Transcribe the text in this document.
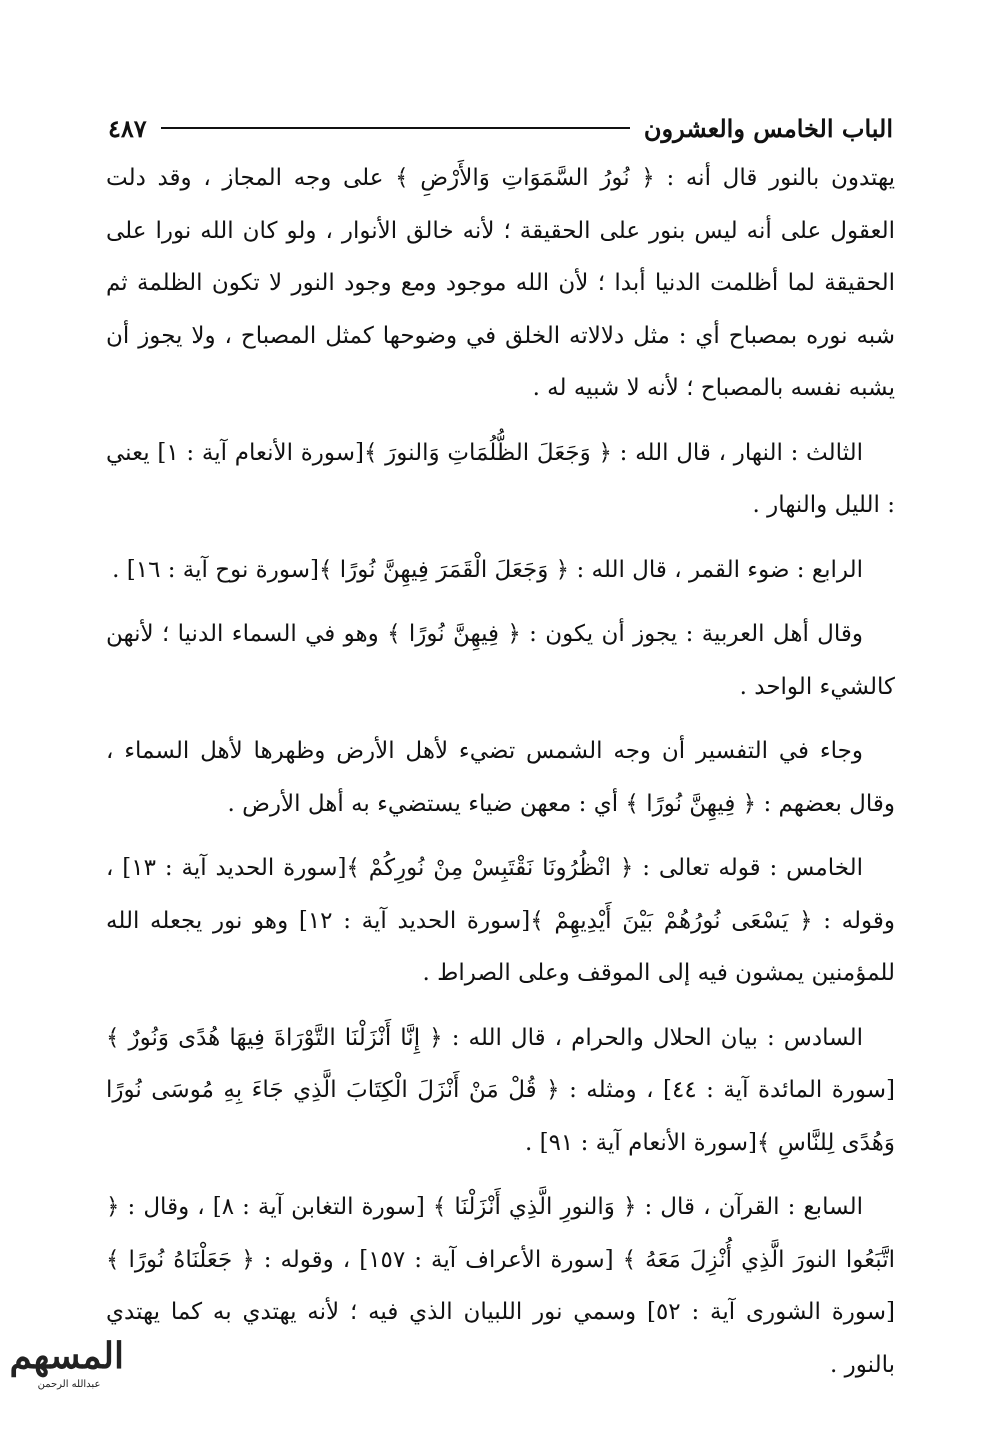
الباب الخامس والعشرون
٤٨٧

يهتدون بالنور قال أنه : ﴿ نُورُ السَّمَوَاتِ وَالأَرْضِ ﴾ على وجه المجاز ، وقد دلت العقول على أنه ليس بنور على الحقيقة ؛ لأنه خالق الأنوار ، ولو كان الله نورا على الحقيقة لما أظلمت الدنيا أبدا ؛ لأن الله موجود ومع وجود النور لا تكون الظلمة ثم شبه نوره بمصباح أي : مثل دلالاته الخلق في وضوحها كمثل المصباح ، ولا يجوز أن يشبه نفسه بالمصباح ؛ لأنه لا شبيه له .

الثالث : النهار ، قال الله : ﴿ وَجَعَلَ الظُّلُمَاتِ وَالنورَ ﴾[سورة الأنعام آية : ١] يعني : الليل والنهار .

الرابع : ضوء القمر ، قال الله : ﴿ وَجَعَلَ الْقَمَرَ فِيهِنَّ نُورًا ﴾[سورة نوح آية : ١٦] .

وقال أهل العربية : يجوز أن يكون : ﴿ فِيهِنَّ نُورًا ﴾ وهو في السماء الدنيا ؛ لأنهن كالشيء الواحد .

وجاء في التفسير أن وجه الشمس تضيء لأهل الأرض وظهرها لأهل السماء ، وقال بعضهم : ﴿ فِيهِنَّ نُورًا ﴾ أي : معهن ضياء يستضيء به أهل الأرض .

الخامس : قوله تعالى : ﴿ انْظُرُونَا نَقْتَبِسْ مِنْ نُورِكُمْ ﴾[سورة الحديد آية : ١٣] ، وقوله : ﴿ يَسْعَى نُورُهُمْ بَيْنَ أَيْدِيهِمْ ﴾[سورة الحديد آية : ١٢] وهو نور يجعله الله للمؤمنين يمشون فيه إلى الموقف وعلى الصراط .

السادس : بيان الحلال والحرام ، قال الله : ﴿ إِنَّا أَنْزَلْنَا التَّوْرَاةَ فِيهَا هُدًى وَنُورٌ ﴾[سورة المائدة آية : ٤٤] ، ومثله : ﴿ قُلْ مَنْ أَنْزَلَ الْكِتَابَ الَّذِي جَاءَ بِهِ مُوسَى نُورًا وَهُدًى لِلنَّاسِ ﴾[سورة الأنعام آية : ٩١] .

السابع : القرآن ، قال : ﴿ وَالنورِ الَّذِي أَنْزَلْنَا ﴾ [سورة التغابن آية : ٨] ، وقال : ﴿ اتَّبَعُوا النورَ الَّذِي أُنْزِلَ مَعَهُ ﴾ [سورة الأعراف آية : ١٥٧] ، وقوله : ﴿ جَعَلْنَاهُ نُورًا ﴾[سورة الشورى آية : ٥٢] وسمي نور اللبيان الذي فيه ؛ لأنه يهتدي به كما يهتدي بالنور .

المسهم
عبدالله الرحمن
